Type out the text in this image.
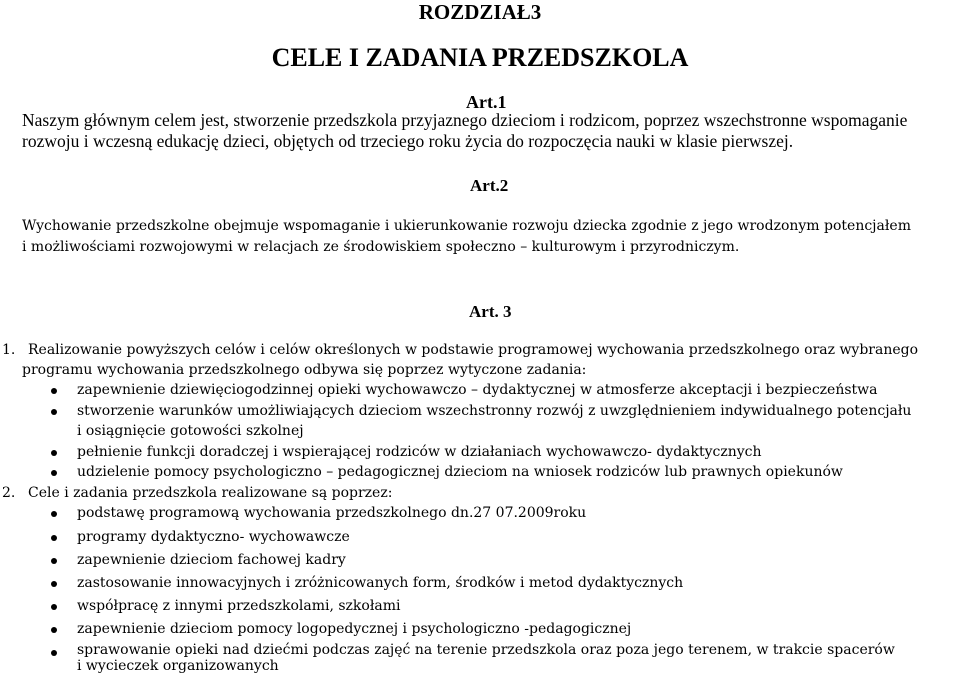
ROZDZIAŁ3
CELE I ZADANIA PRZEDSZKOLA
Art.1
Naszym głównym celem jest, stworzenie przedszkola przyjaznego dzieciom i rodzicom, poprzez wszechstronne wspomaganie
rozwoju i wczesną edukację dzieci, objętych od trzeciego roku życia do rozpoczęcia nauki w klasie pierwszej.
Art.2
Wychowanie przedszkolne obejmuje wspomaganie i ukierunkowanie rozwoju dziecka zgodnie z jego wrodzonym potencjałem
i możliwościami rozwojowymi w relacjach ze środowiskiem społeczno – kulturowym i przyrodniczym.
Art. 3
1. Realizowanie powyższych celów i celów określonych w podstawie programowej wychowania przedszkolnego oraz wybranego
programu wychowania przedszkolnego odbywa się poprzez wytyczone zadania:
zapewnienie dziewięciogodzinnej opieki wychowawczo – dydaktycznej w atmosferze akceptacji i bezpieczeństwa
stworzenie warunków umożliwiających dzieciom wszechstronny rozwój z uwzględnieniem indywidualnego potencjału
i osiągnięcie gotowości szkolnej
pełnienie funkcji doradczej i wspierającej rodziców w działaniach wychowawczo- dydaktycznych
udzielenie pomocy psychologiczno – pedagogicznej dzieciom na wniosek rodziców lub prawnych opiekunów
2. Cele i zadania przedszkola realizowane są poprzez:
podstawę programową wychowania przedszkolnego dn.27 07.2009roku
programy dydaktyczno- wychowawcze
zapewnienie dzieciom fachowej kadry
zastosowanie innowacyjnych i zróżnicowanych form, środków i metod dydaktycznych
współpracę z innymi przedszkolami, szkołami
zapewnienie dzieciom pomocy logopedycznej i psychologiczno -pedagogicznej
sprawowanie opieki nad dziećmi podczas zajęć na terenie przedszkola oraz poza jego terenem, w trakcie spacerów
i wycieczek organizowanych
